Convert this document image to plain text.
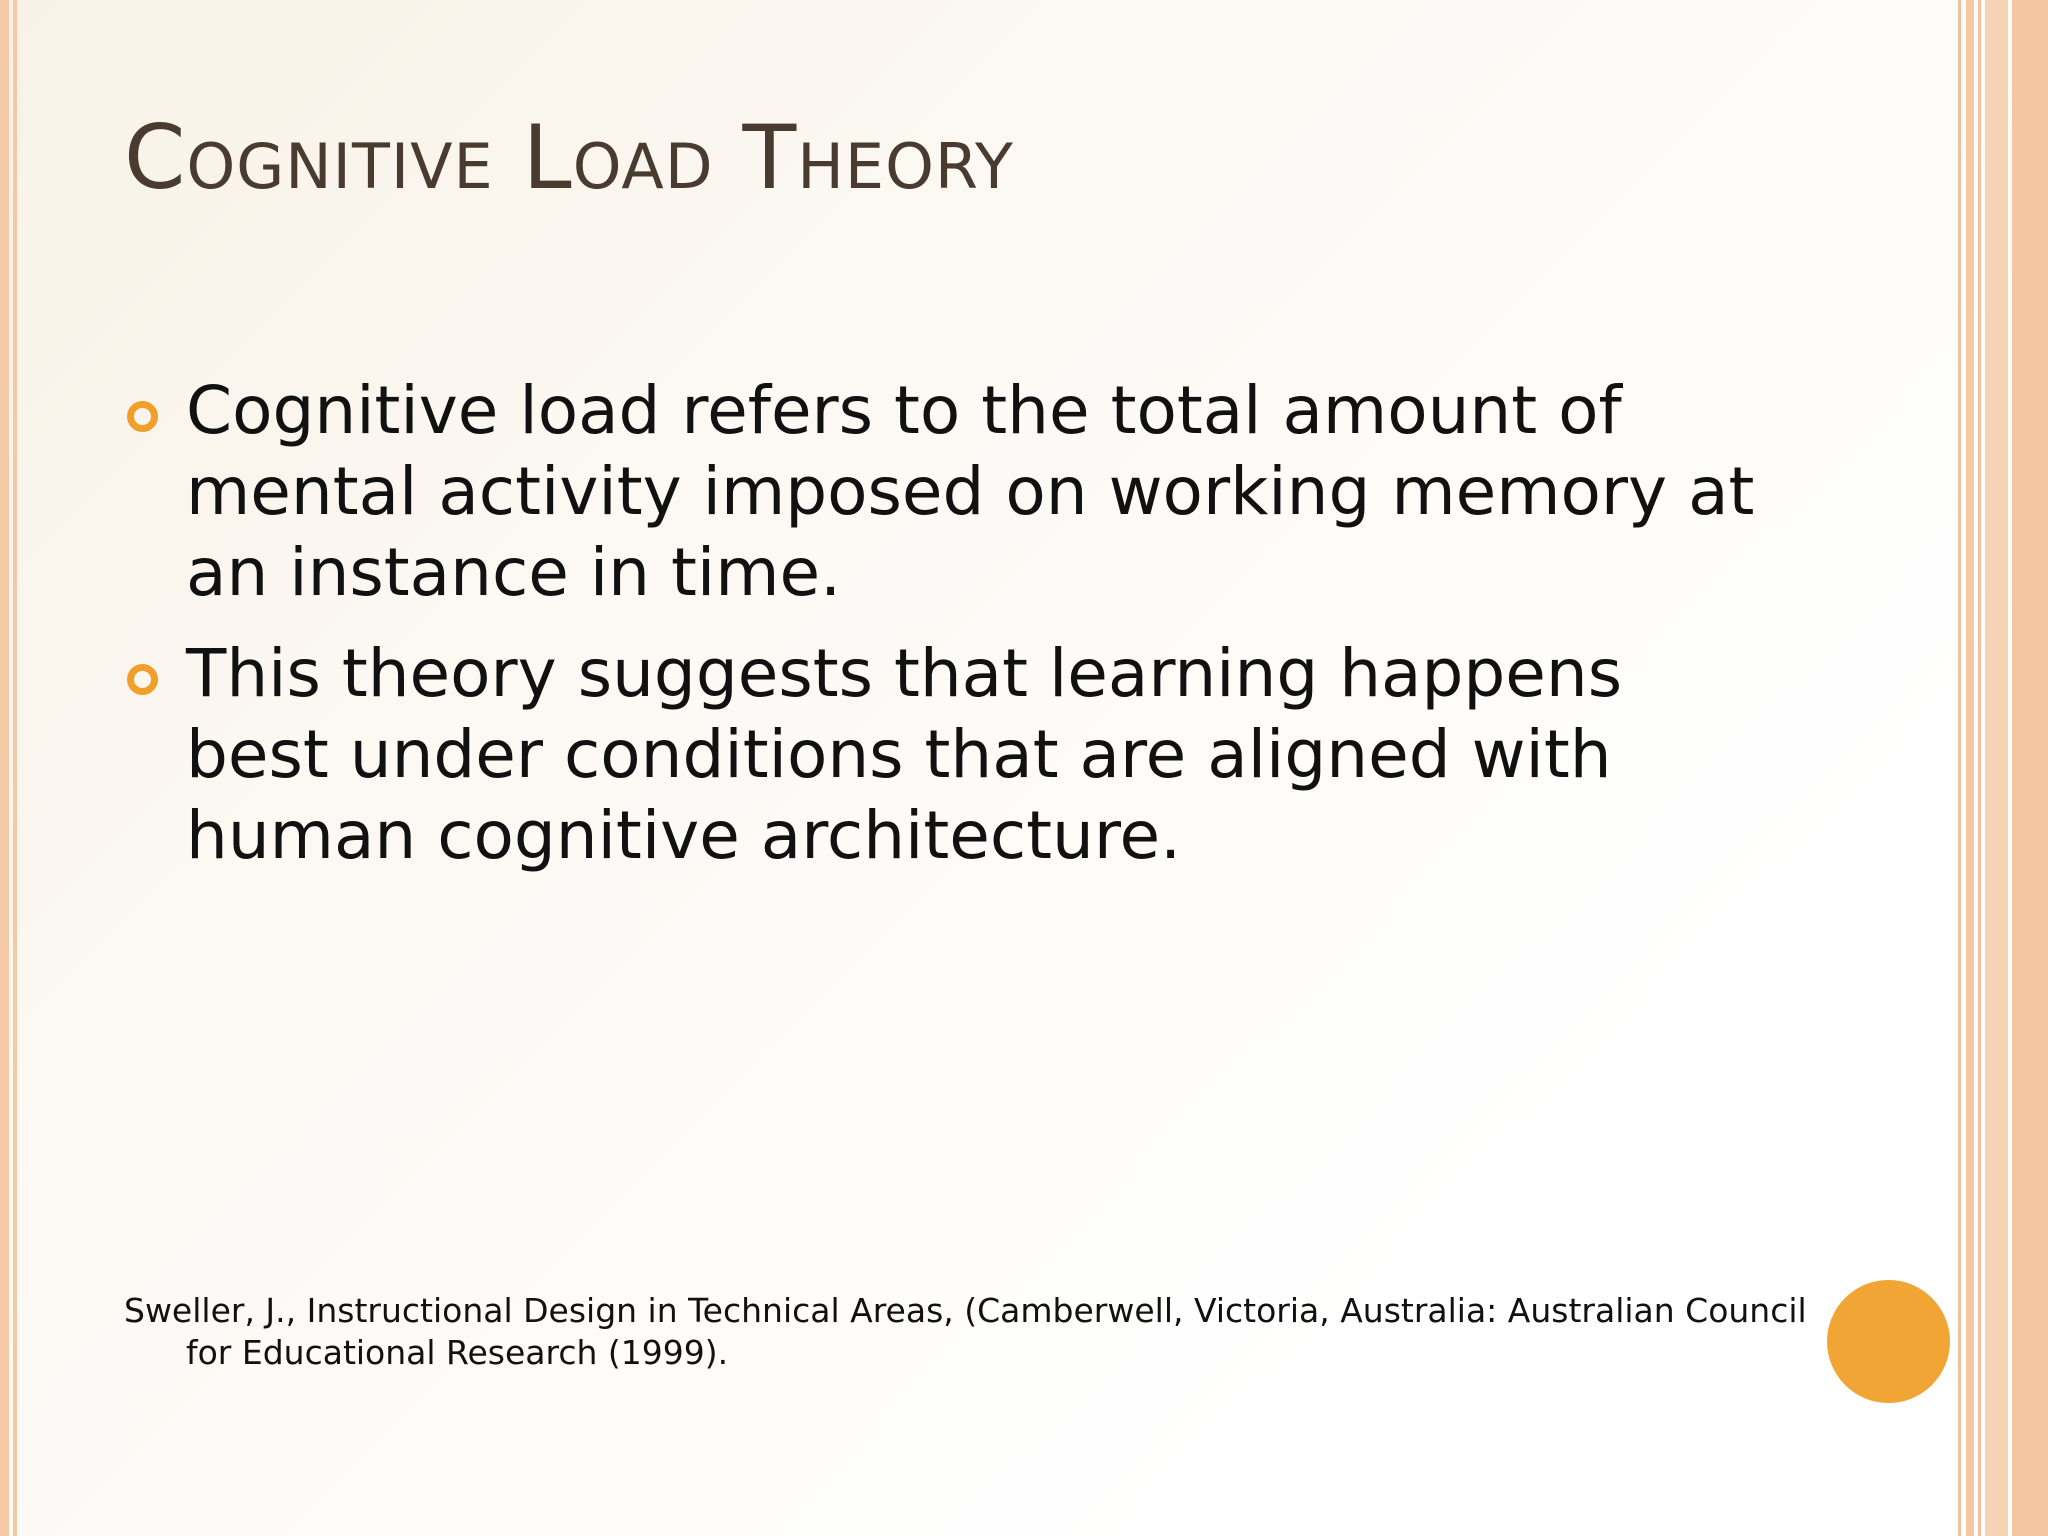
Cognitive Load Theory
Cognitive load refers to the total amount of mental activity imposed on working memory at an instance in time.
This theory suggests that learning happens best under conditions that are aligned with human cognitive architecture.

Sweller, J., Instructional Design in Technical Areas, (Camberwell, Victoria, Australia: Australian Council for Educational Research (1999).
